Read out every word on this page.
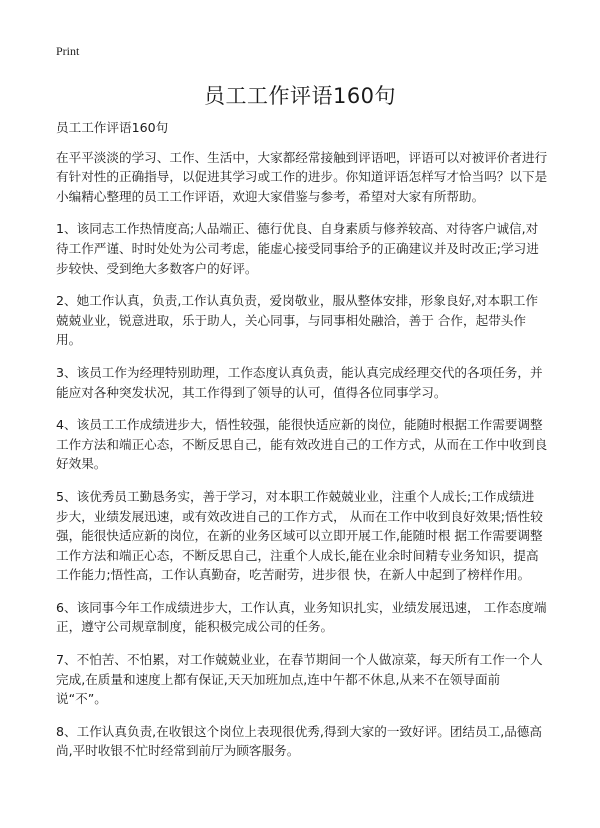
Print
员工工作评语160句
员工工作评语160句

在平平淡淡的学习、工作、生活中，大家都经常接触到评语吧，评语可以对被评价者进行有针对性的正确指导，以促进其学习或工作的进步。你知道评语怎样写才恰当吗？以下是小编精心整理的员工工作评语，欢迎大家借鉴与参考，希望对大家有所帮助。

1、该同志工作热情度高;人品端正、德行优良、自身素质与修养较高、对待客户诚信,对待工作严谨、时时处处为公司考虑，能虚心接受同事给予的正确建议并及时改正;学习进步较快、受到绝大多数客户的好评。

2、她工作认真，负责,工作认真负责，爱岗敬业，服从整体安排，形象良好,对本职工作兢兢业业，锐意进取，乐于助人，关心同事，与同事相处融洽，善于 合作，起带头作用。

3、该员工作为经理特别助理，工作态度认真负责，能认真完成经理交代的各项任务，并能应对各种突发状况，其工作得到了领导的认可，值得各位同事学习。

4、该员工工作成绩进步大，悟性较强，能很快适应新的岗位，能随时根据工作需要调整工作方法和端正心态，不断反思自己，能有效改进自己的工作方式，从而在工作中收到良好效果。

5、该优秀员工勤恳务实，善于学习，对本职工作兢兢业业，注重个人成长;工作成绩进 步大，业绩发展迅速，或有效改进自己的工作方式， 从而在工作中收到良好效果;悟性较强，能很快适应新的岗位，在新的业务区域可以立即开展工作,能随时根 据工作需要调整工作方法和端正心态，不断反思自己，注重个人成长,能在业余时间精专业务知识，提高工作能力;悟性高，工作认真勤奋，吃苦耐劳，进步很 快，在新人中起到了榜样作用。

6、该同事今年工作成绩进步大，工作认真，业务知识扎实，业绩发展迅速， 工作态度端正，遵守公司规章制度，能积极完成公司的任务。

7、不怕苦、不怕累，对工作兢兢业业，在春节期间一个人做凉菜，每天所有工作一个人完成,在质量和速度上都有保证,天天加班加点,连中午都不休息,从来不在领导面前说“不”。

8、工作认真负责,在收银这个岗位上表现很优秀,得到大家的一致好评。团结员工,品德高尚,平时收银不忙时经常到前厅为顾客服务。
